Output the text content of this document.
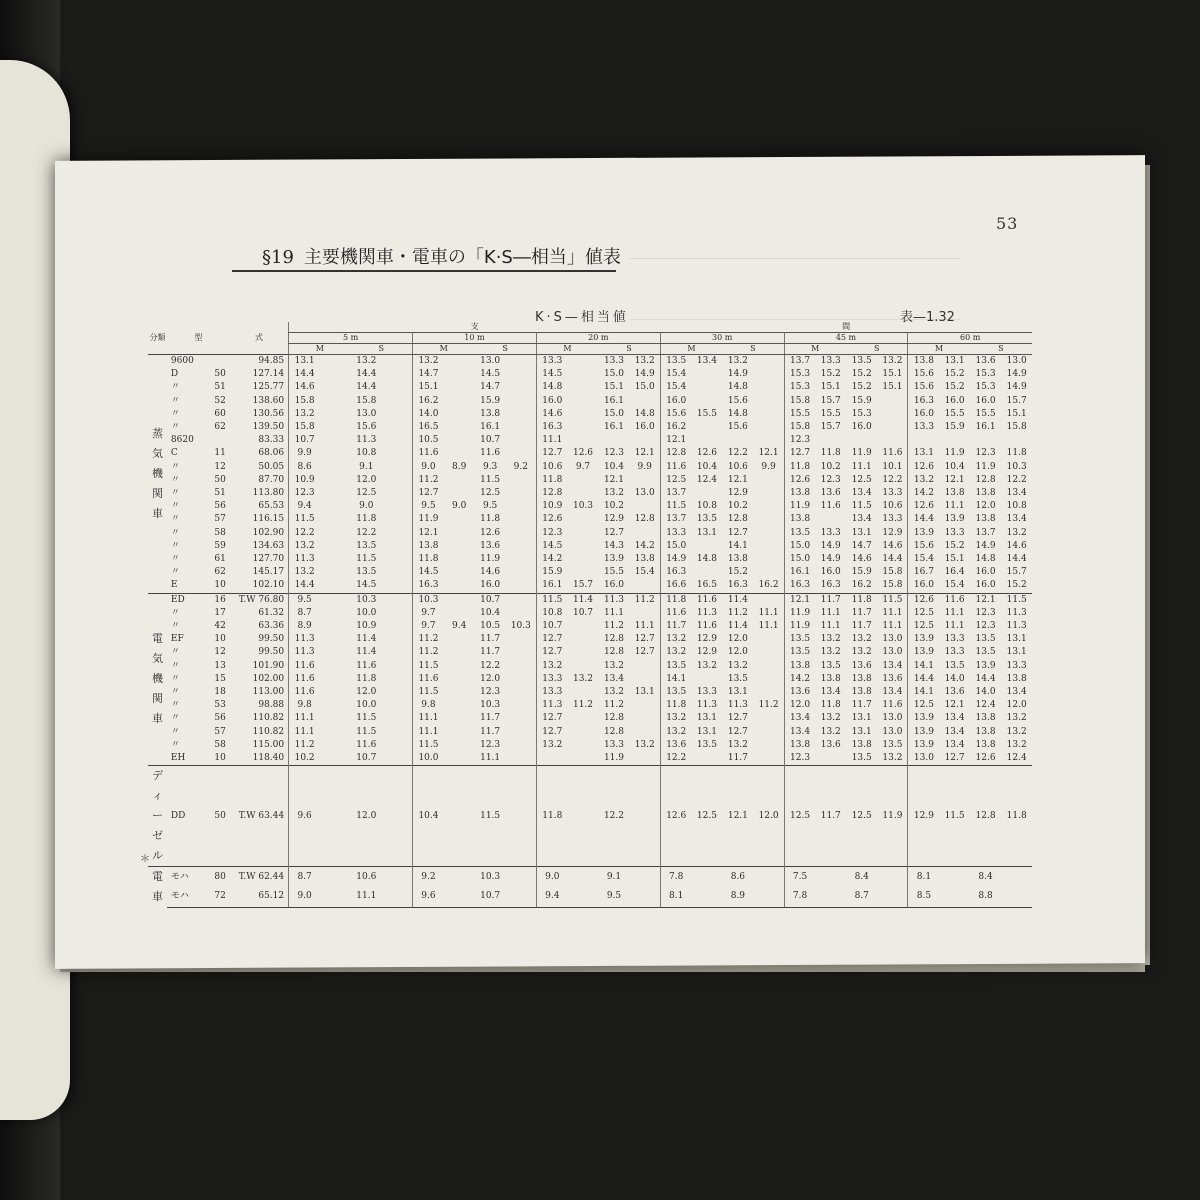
53
§19 主要機関車・電車の「K·S―相当」値表
K·S—相当値	表—1.32
分類	型		式	支												間											
				5 m				10 m				20 m				30 m				45 m				60 m			
				M		S		M		S		M		S		M		S		M		S		M		S	
蒸気機関車	9600		94.85	13.1		13.2		13.2		13.0		13.3		13.3	13.2	13.5	13.4	13.2		13.7	13.3	13.5	13.2	13.8	13.1	13.6	13.0
	D	50	127.14	14.4		14.4		14.7		14.5		14.5		15.0	14.9	15.4		14.9		15.3	15.2	15.2	15.1	15.6	15.2	15.3	14.9
	〃	51	125.77	14.6		14.4		15.1		14.7		14.8		15.1	15.0	15.4		14.8		15.3	15.1	15.2	15.1	15.6	15.2	15.3	14.9
	〃	52	138.60	15.8		15.8		16.2		15.9		16.0		16.1		16.0		15.6		15.8	15.7	15.9		16.3	16.0	16.0	15.7
	〃	60	130.56	13.2		13.0		14.0		13.8		14.6		15.0	14.8	15.6	15.5	14.8		15.5	15.5	15.3		16.0	15.5	15.5	15.1
	〃	62	139.50	15.8		15.6		16.5		16.1		16.3		16.1	16.0	16.2		15.6		15.8	15.7	16.0		13.3	15.9	16.1	15.8
	8620		83.33	10.7		11.3		10.5		10.7		11.1				12.1				12.3							
	C	11	68.06	9.9		10.8		11.6		11.6		12.7	12.6	12.3	12.1	12.8	12.6	12.2	12.1	12.7	11.8	11.9	11.6	13.1	11.9	12.3	11.8
	〃	12	50.05	8.6		9.1		9.0	8.9	9.3	9.2	10.6	9.7	10.4	9.9	11.6	10.4	10.6	9.9	11.8	10.2	11.1	10.1	12.6	10.4	11.9	10.3
	〃	50	87.70	10.9		12.0		11.2		11.5		11.8		12.1		12.5	12.4	12.1		12.6	12.3	12.5	12.2	13.2	12.1	12.8	12.2
	〃	51	113.80	12.3		12.5		12.7		12.5		12.8		13.2	13.0	13.7		12.9		13.8	13.6	13.4	13.3	14.2	13.8	13.8	13.4
	〃	56	65.53	9.4		9.0		9.5	9.0	9.5		10.9	10.3	10.2		11.5	10.8	10.2		11.9	11.6	11.5	10.6	12.6	11.1	12.0	10.8
	〃	57	116.15	11.5		11.8		11.9		11.8		12.6		12.9	12.8	13.7	13.5	12.8		13.8		13.4	13.3	14.4	13.9	13.8	13.4
	〃	58	102.90	12.2		12.2		12.1		12.6		12.3		12.7		13.3	13.1	12.7		13.5	13.3	13.1	12.9	13.9	13.3	13.7	13.2
	〃	59	134.63	13.2		13.5		13.8		13.6		14.5		14.3	14.2	15.0		14.1		15.0	14.9	14.7	14.6	15.6	15.2	14.9	14.6
	〃	61	127.70	11.3		11.5		11.8		11.9		14.2		13.9	13.8	14.9	14.8	13.8		15.0	14.9	14.6	14.4	15.4	15.1	14.8	14.4
	〃	62	145.17	13.2		13.5		14.5		14.6		15.9		15.5	15.4	16.3		15.2		16.1	16.0	15.9	15.8	16.7	16.4	16.0	15.7
	E	10	102.10	14.4		14.5		16.3		16.0		16.1	15.7	16.0		16.6	16.5	16.3	16.2	16.3	16.3	16.2	15.8	16.0	15.4	16.0	15.2
電気機関車	ED	16	T.W 76.80	9.5		10.3		10.3		10.7		11.5	11.4	11.3	11.2	11.8	11.6	11.4		12.1	11.7	11.8	11.5	12.6	11.6	12.1	11.5
	〃	17	61.32	8.7		10.0		9.7		10.4		10.8	10.7	11.1		11.6	11.3	11.2	11.1	11.9	11.1	11.7	11.1	12.5	11.1	12.3	11.3
	〃	42	63.36	8.9		10.9		9.7	9.4	10.5	10.3	10.7		11.2	11.1	11.7	11.6	11.4	11.1	11.9	11.1	11.7	11.1	12.5	11.1	12.3	11.3
	EF	10	99.50	11.3		11.4		11.2		11.7		12.7		12.8	12.7	13.2	12.9	12.0		13.5	13.2	13.2	13.0	13.9	13.3	13.5	13.1
	〃	12	99.50	11.3		11.4		11.2		11.7		12.7		12.8	12.7	13.2	12.9	12.0		13.5	13.2	13.2	13.0	13.9	13.3	13.5	13.1
	〃	13	101.90	11.6		11.6		11.5		12.2		13.2		13.2		13.5	13.2	13.2		13.8	13.5	13.6	13.4	14.1	13.5	13.9	13.3
	〃	15	102.00	11.6		11.8		11.6		12.0		13.3	13.2	13.4		14.1		13.5		14.2	13.8	13.8	13.6	14.4	14.0	14.4	13.8
	〃	18	113.00	11.6		12.0		11.5		12.3		13.3		13.2	13.1	13.5	13.3	13.1		13.6	13.4	13.8	13.4	14.1	13.6	14.0	13.4
	〃	53	98.88	9.8		10.0		9.8		10.3		11.3	11.2	11.2		11.8	11.3	11.3	11.2	12.0	11.8	11.7	11.6	12.5	12.1	12.4	12.0
	〃	56	110.82	11.1		11.5		11.1		11.7		12.7		12.8		13.2	13.1	12.7		13.4	13.2	13.1	13.0	13.9	13.4	13.8	13.2
	〃	57	110.82	11.1		11.5		11.1		11.7		12.7		12.8		13.2	13.1	12.7		13.4	13.2	13.1	13.0	13.9	13.4	13.8	13.2
	〃	58	115.00	11.2		11.6		11.5		12.3		13.2		13.3	13.2	13.6	13.5	13.2		13.8	13.6	13.8	13.5	13.9	13.4	13.8	13.2
	EH	10	118.40	10.2		10.7		10.0		11.1				11.9		12.2		11.7		12.3		13.5	13.2	13.0	12.7	12.6	12.4
ディーゼル	DD	50	T.W 63.44	9.6		12.0		10.4		11.5		11.8		12.2		12.6	12.5	12.1	12.0	12.5	11.7	12.5	11.9	12.9	11.5	12.8	11.8
電車	モハ	80	T.W 62.44	8.7		10.6		9.2		10.3		9.0		9.1		7.8		8.6		7.5		8.4		8.1		8.4	
	モハ	72	65.12	9.0		11.1		9.6		10.7		9.4		9.5		8.1		8.9		7.8		8.7		8.5		8.8	
＊
